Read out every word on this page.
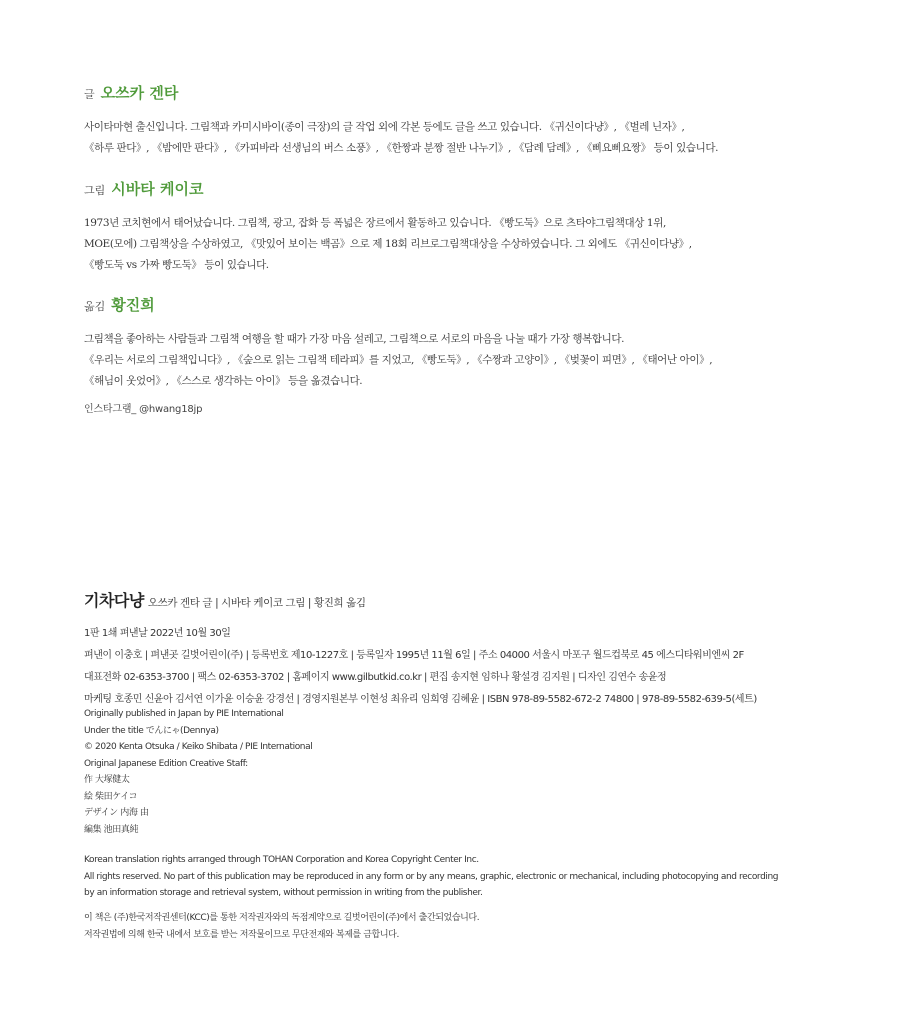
글 오쓰카 겐타

사이타마현 출신입니다. 그림책과 카미시바이(종이 극장)의 글 작업 외에 각본 등에도 글을 쓰고 있습니다. 《귀신이다냥》, 《벌레 닌자》,

《하루 판다》, 《밤에만 판다》, 《카피바라 선생님의 버스 소풍》, 《한짱과 분짱 절반 나누기》, 《담례 담례》, 《삐요삐요짱》 등이 있습니다.

그림 시바타 케이코

1973년 코치현에서 태어났습니다. 그림책, 광고, 잡화 등 폭넓은 장르에서 활동하고 있습니다. 《빵도둑》으로 츠타야그림책대상 1위,

MOE(모에) 그림책상을 수상하였고, 《맛있어 보이는 백곰》으로 제 18회 리브로그림책대상을 수상하였습니다. 그 외에도 《귀신이다냥》,

《빵도둑 vs 가짜 빵도둑》 등이 있습니다.

옮김 황진희

그림책을 좋아하는 사람들과 그림책 여행을 할 때가 가장 마음 설레고, 그림책으로 서로의 마음을 나눌 때가 가장 행복합니다.

《우리는 서로의 그림책입니다》, 《숲으로 읽는 그림책 테라피》를 지었고, 《빵도둑》, 《수짱과 고양이》, 《벚꽃이 피면》, 《태어난 아이》,

《해님이 웃었어》, 《스스로 생각하는 아이》 등을 옮겼습니다.

인스타그램_ @hwang18jp
기차다냥 오쓰카 겐타 글 | 시바타 케이코 그림 | 황진희 옮김
1판 1쇄 펴낸날 2022년 10월 30일
펴낸이 이충호 | 펴낸곳 길벗어린이(주) | 등록번호 제10-1227호 | 등록일자 1995년 11월 6일 | 주소 04000 서울시 마포구 월드컵북로 45 에스디타워비엔씨 2F
대표전화 02-6353-3700 | 팩스 02-6353-3702 | 홈페이지 www.gilbutkid.co.kr | 편집 송지현 임하나 황설경 김지원 | 디자인 김연수 송윤정
마케팅 호종민 신윤아 김서연 이가윤 이승윤 강경선 | 경영지원본부 이현성 최유리 임희영 김혜윤 | ISBN 978-89-5582-672-2 74800 | 978-89-5582-639-5(세트)
Originally published in Japan by PIE International
Under the title でんにゃ(Dennya)
© 2020 Kenta Otsuka / Keiko Shibata / PIE International
Original Japanese Edition Creative Staff:
作 大塚健太
絵 柴田ケイコ
デザイン 内海 由
編集 池田真純
Korean translation rights arranged through TOHAN Corporation and Korea Copyright Center Inc.
All rights reserved. No part of this publication may be reproduced in any form or by any means, graphic, electronic or mechanical, including photocopying and recording
by an information storage and retrieval system, without permission in writing from the publisher.
이 책은 (주)한국저작권센터(KCC)를 통한 저작권자와의 독점계약으로 길벗어린이(주)에서 출간되었습니다.
저작권법에 의해 한국 내에서 보호를 받는 저작물이므로 무단전재와 복제를 금합니다.
